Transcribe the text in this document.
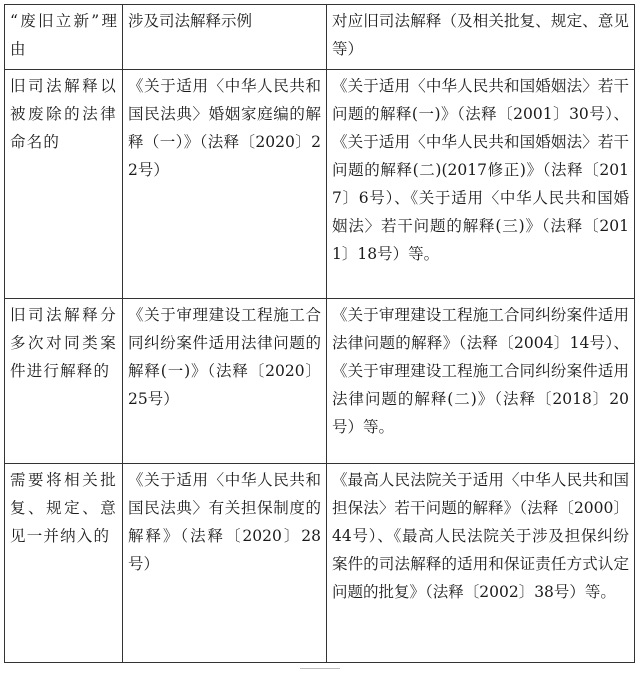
“废旧立新”理由	涉及司法解释示例	对应旧司法解释（及相关批复、规定、意见等）
旧司法解释以被废除的法律命名的	《关于适用〈中华人民共和国民法典〉婚姻家庭编的解释（一）》（法释〔2020〕22号）	《关于适用〈中华人民共和国婚姻法〉若干问题的解释(一)》（法释〔2001〕30号）、《关于适用〈中华人民共和国婚姻法〉若干问题的解释(二)(2017修正)》（法释〔2017〕6号）、《关于适用〈中华人民共和国婚姻法〉若干问题的解释(三)》（法释〔2011〕18号）等。
旧司法解释分多次对同类案件进行解释的	《关于审理建设工程施工合同纠纷案件适用法律问题的解释(一)》（法释〔2020〕25号）	《关于审理建设工程施工合同纠纷案件适用法律问题的解释》（法释〔2004〕14号）、《关于审理建设工程施工合同纠纷案件适用法律问题的解释(二)》（法释〔2018〕20号）等。
需要将相关批复、规定、意见一并纳入的	《关于适用〈中华人民共和国民法典〉有关担保制度的解释》（法释〔2020〕28号）	《最高人民法院关于适用〈中华人民共和国担保法〉若干问题的解释》（法释〔2000〕44号）、《最高人民法院关于涉及担保纠纷案件的司法解释的适用和保证责任方式认定问题的批复》（法释〔2002〕38号）等。
